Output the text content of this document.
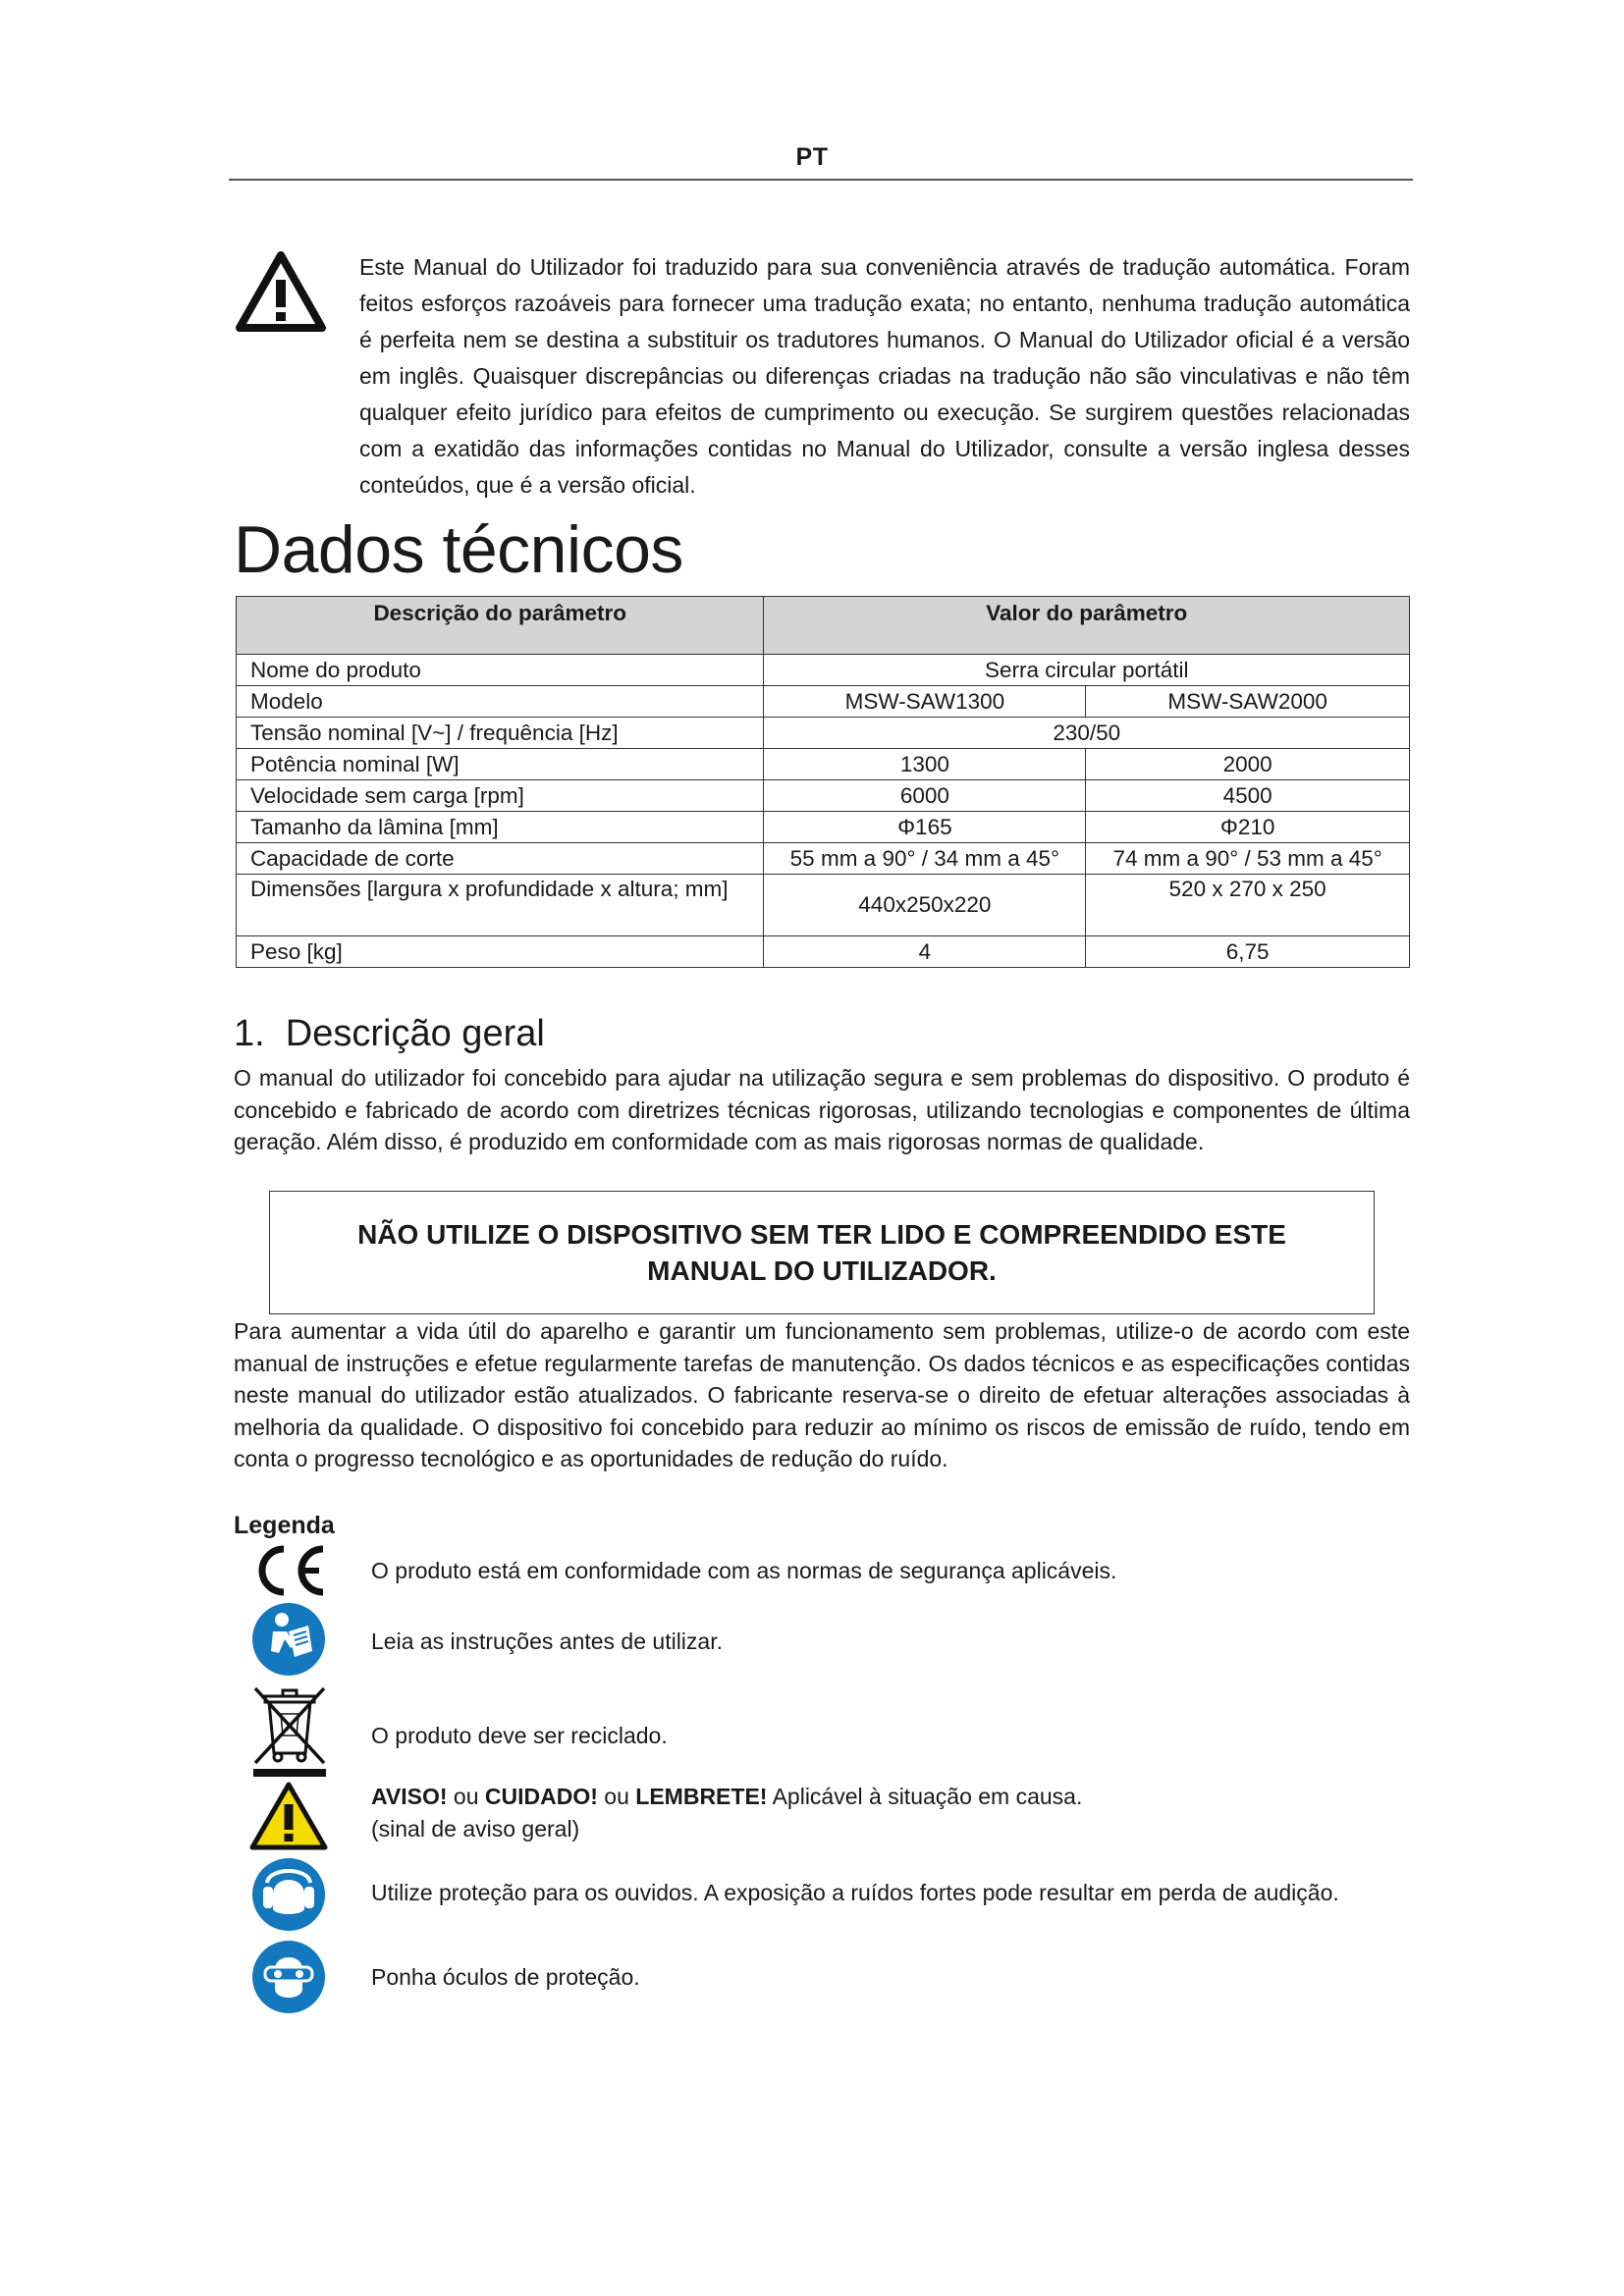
PT

Este Manual do Utilizador foi traduzido para sua conveniência através de tradução automática. Foram feitos esforços razoáveis para fornecer uma tradução exata; no entanto, nenhuma tradução automática é perfeita nem se destina a substituir os tradutores humanos. O Manual do Utilizador oficial é a versão em inglês. Quaisquer discrepâncias ou diferenças criadas na tradução não são vinculativas e não têm qualquer efeito jurídico para efeitos de cumprimento ou execução. Se surgirem questões relacionadas com a exatidão das informações contidas no Manual do Utilizador, consulte a versão inglesa desses conteúdos, que é a versão oficial.

Dados técnicos
Descrição do parâmetro	Valor do parâmetro	
Nome do produto	Serra circular portátil	
Modelo	MSW-SAW1300	MSW-SAW2000
Tensão nominal [V~] / frequência [Hz]	230/50	
Potência nominal [W]	1300	2000
Velocidade sem carga [rpm]	6000	4500
Tamanho da lâmina [mm]	Φ165	Φ210
Capacidade de corte	55 mm a 90° / 34 mm a 45°	74 mm a 90° / 53 mm a 45°
Dimensões [largura x profundidade x altura; mm]	440x250x220	520 x 270 x 250
Peso [kg]	4	6,75
1.  Descrição geral

O manual do utilizador foi concebido para ajudar na utilização segura e sem problemas do dispositivo. O produto é concebido e fabricado de acordo com diretrizes técnicas rigorosas, utilizando tecnologias e componentes de última geração. Além disso, é produzido em conformidade com as mais rigorosas normas de qualidade.

NÃO UTILIZE O DISPOSITIVO SEM TER LIDO E COMPREENDIDO ESTE MANUAL DO UTILIZADOR.

Para aumentar a vida útil do aparelho e garantir um funcionamento sem problemas, utilize-o de acordo com este manual de instruções e efetue regularmente tarefas de manutenção. Os dados técnicos e as especificações contidas neste manual do utilizador estão atualizados. O fabricante reserva-se o direito de efetuar alterações associadas à melhoria da qualidade. O dispositivo foi concebido para reduzir ao mínimo os riscos de emissão de ruído, tendo em conta o progresso tecnológico e as oportunidades de redução do ruído.

Legenda
O produto está em conformidade com as normas de segurança aplicáveis.
Leia as instruções antes de utilizar.
O produto deve ser reciclado.
AVISO! ou CUIDADO! ou LEMBRETE! Aplicável à situação em causa.
(sinal de aviso geral)
Utilize proteção para os ouvidos. A exposição a ruídos fortes pode resultar em perda de audição.
Ponha óculos de proteção.
